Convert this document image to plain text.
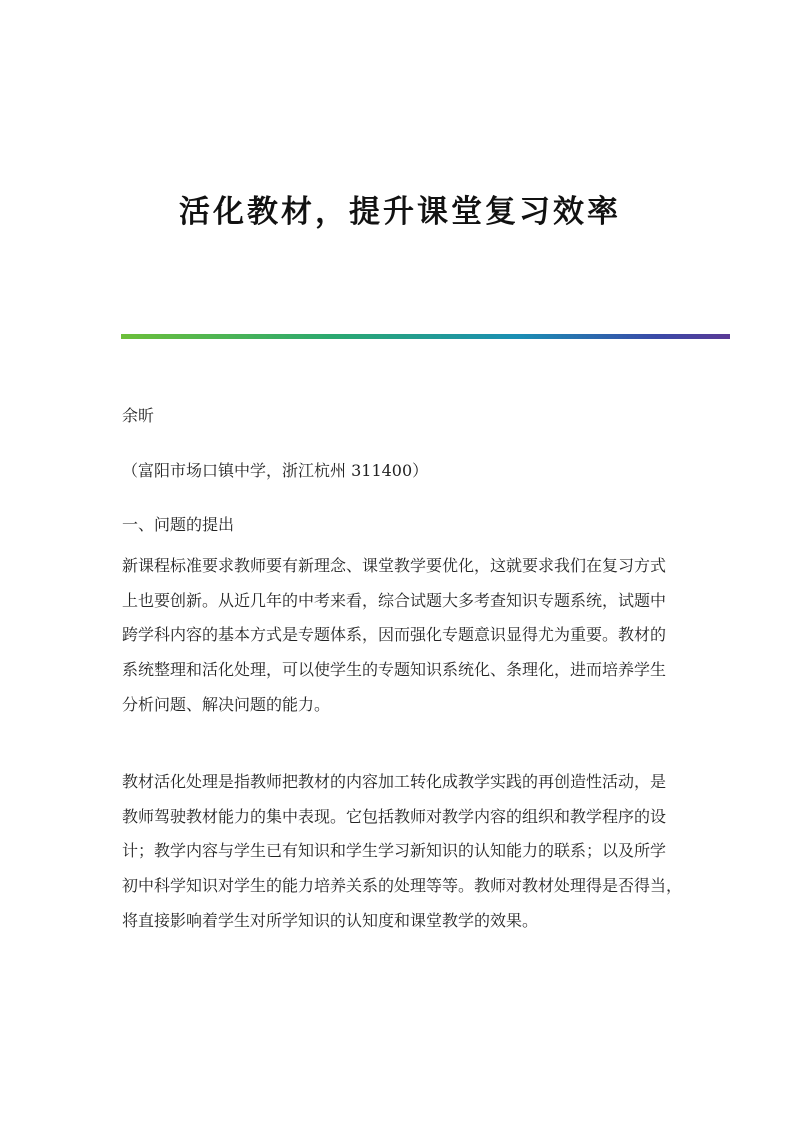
活化教材，提升课堂复习效率

余昕

（富阳市场口镇中学，浙江杭州 311400）

一、问题的提出

新课程标准要求教师要有新理念、课堂教学要优化，这就要求我们在复习方式
上也要创新。从近几年的中考来看，综合试题大多考查知识专题系统，试题中
跨学科内容的基本方式是专题体系，因而强化专题意识显得尤为重要。教材的
系统整理和活化处理，可以使学生的专题知识系统化、条理化，进而培养学生
分析问题、解决问题的能力。
教材活化处理是指教师把教材的内容加工转化成教学实践的再创造性活动，是
教师驾驶教材能力的集中表现。它包括教师对教学内容的组织和教学程序的设
计；教学内容与学生已有知识和学生学习新知识的认知能力的联系；以及所学
初中科学知识对学生的能力培养关系的处理等等。教师对教材处理得是否得当，
将直接影响着学生对所学知识的认知度和课堂教学的效果。
